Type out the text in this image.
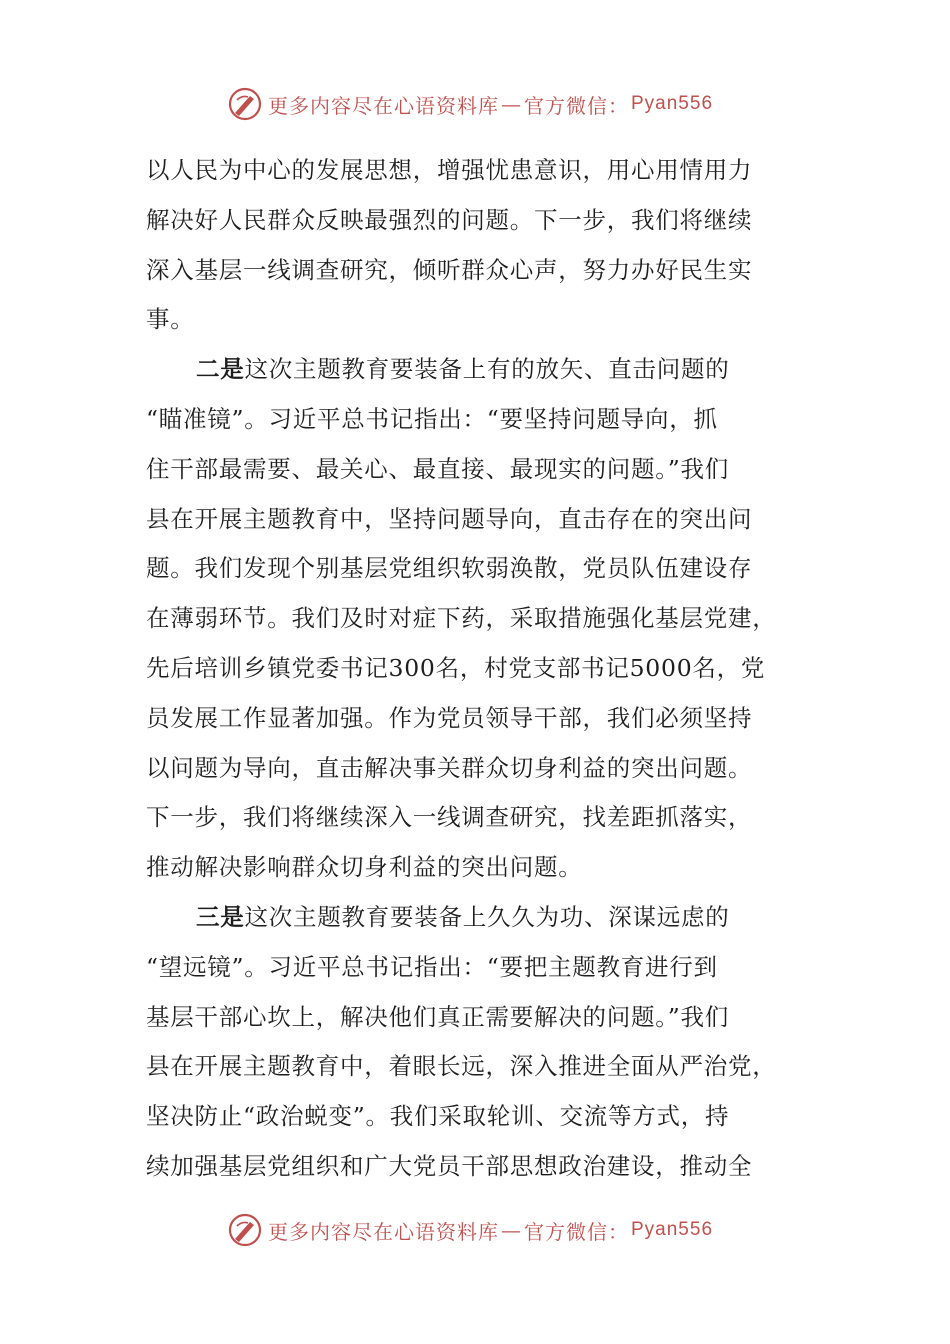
更多内容尽在心语资料库 — 官方微信： Pyan556
以人民为中心的发展思想，增强忧患意识，用心用情用力
解决好人民群众反映最强烈的问题。下一步，我们将继续
深入基层一线调查研究，倾听群众心声，努力办好民生实
事。
二是这次主题教育要装备上有的放矢、直击问题的
“瞄准镜”。习近平总书记指出：“要坚持问题导向，抓
住干部最需要、最关心、最直接、最现实的问题。”我们
县在开展主题教育中，坚持问题导向，直击存在的突出问
题。我们发现个别基层党组织软弱涣散，党员队伍建设存
在薄弱环节。我们及时对症下药，采取措施强化基层党建，
先后培训乡镇党委书记300名，村党支部书记5000名，党
员发展工作显著加强。作为党员领导干部，我们必须坚持
以问题为导向，直击解决事关群众切身利益的突出问题。
下一步，我们将继续深入一线调查研究，找差距抓落实，
推动解决影响群众切身利益的突出问题。
三是这次主题教育要装备上久久为功、深谋远虑的
“望远镜”。习近平总书记指出：“要把主题教育进行到
基层干部心坎上，解决他们真正需要解决的问题。”我们
县在开展主题教育中，着眼长远，深入推进全面从严治党，
坚决防止“政治蜕变”。我们采取轮训、交流等方式，持
续加强基层党组织和广大党员干部思想政治建设，推动全
更多内容尽在心语资料库 — 官方微信： Pyan556
